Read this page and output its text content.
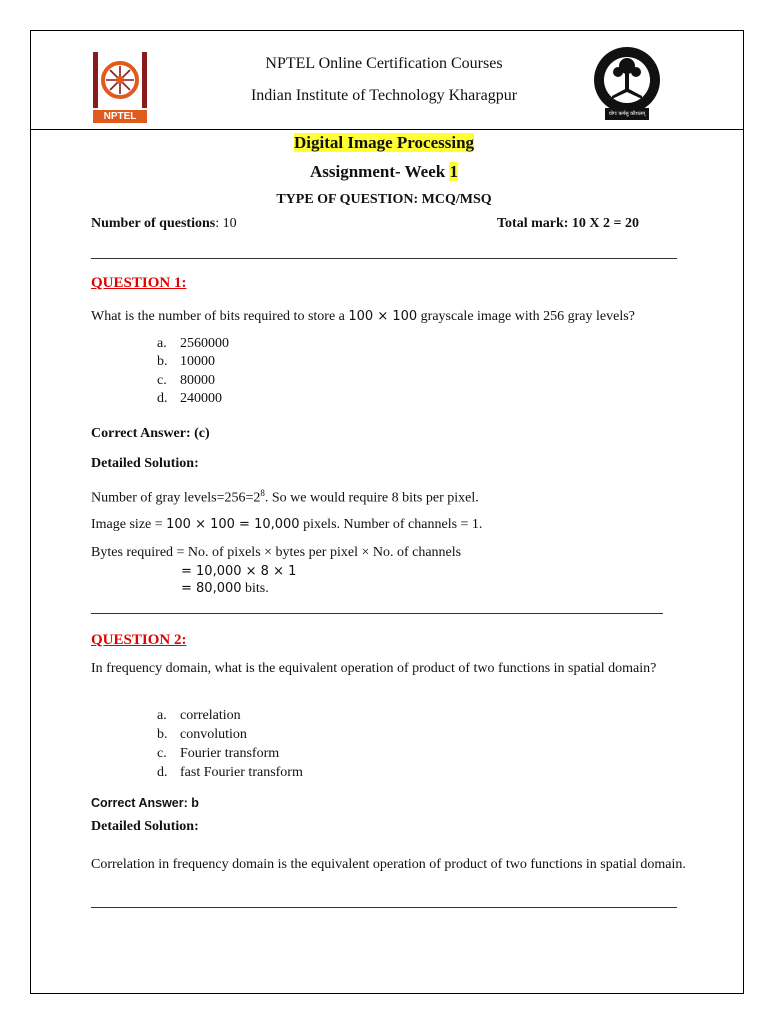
NPTEL
NPTEL Online Certification Courses
Indian Institute of Technology Kharagpur
योगः कर्मसु कौशलम्
Digital Image Processing
Assignment- Week 1
TYPE OF QUESTION: MCQ/MSQ
Number of questions: 10	Total mark: 10 X 2 = 20
QUESTION 1:
What is the number of bits required to store a 100 × 100 grayscale image with 256 gray levels?
a. 2560000
b. 10000
c. 80000
d. 240000
Correct Answer: (c)
Detailed Solution:
Number of gray $levels=256=2^8$. So we would require 8 bits per pixel.
Image size = 100 × 100 = 10,000 pixels. Number of channels = 1.
Bytes required = No. of pixels × bytes per pixel × No. of channels
= 10,000 × 8 × 1
= 80,000 bits.
QUESTION 2:
In frequency domain, what is the equivalent operation of product of two functions in spatial domain?
a. correlation
b. convolution
c. Fourier transform
d. fast Fourier transform
Correct Answer: b
Detailed Solution:
Correlation in frequency domain is the equivalent operation of product of two functions in spatial domain.
